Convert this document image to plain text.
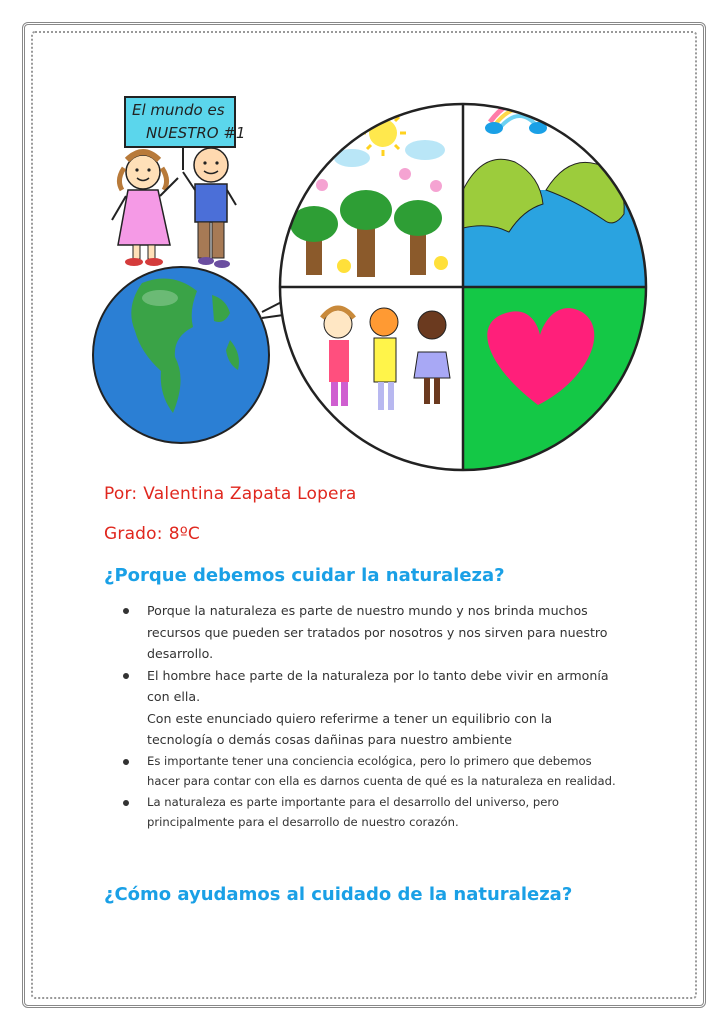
El mundo es
NUESTRO #1
Por: Valentina Zapata Lopera
Grado: 8ºC
¿Porque debemos cuidar la naturaleza?
Porque la naturaleza es parte de nuestro mundo y nos brinda muchos recursos que pueden ser tratados por nosotros y nos sirven para nuestro desarrollo.
El hombre hace parte de la naturaleza por lo tanto debe vivir en armonía con ella.
Con este enunciado quiero referirme a tener un equilibrio con la tecnología o demás cosas dañinas para nuestro ambiente
Es importante tener una conciencia ecológica, pero lo primero que debemos hacer para contar con ella es darnos cuenta de qué es la naturaleza en realidad.
La naturaleza es parte importante para el desarrollo del universo, pero principalmente para el desarrollo de nuestro corazón.
¿Cómo ayudamos al cuidado de la naturaleza?
